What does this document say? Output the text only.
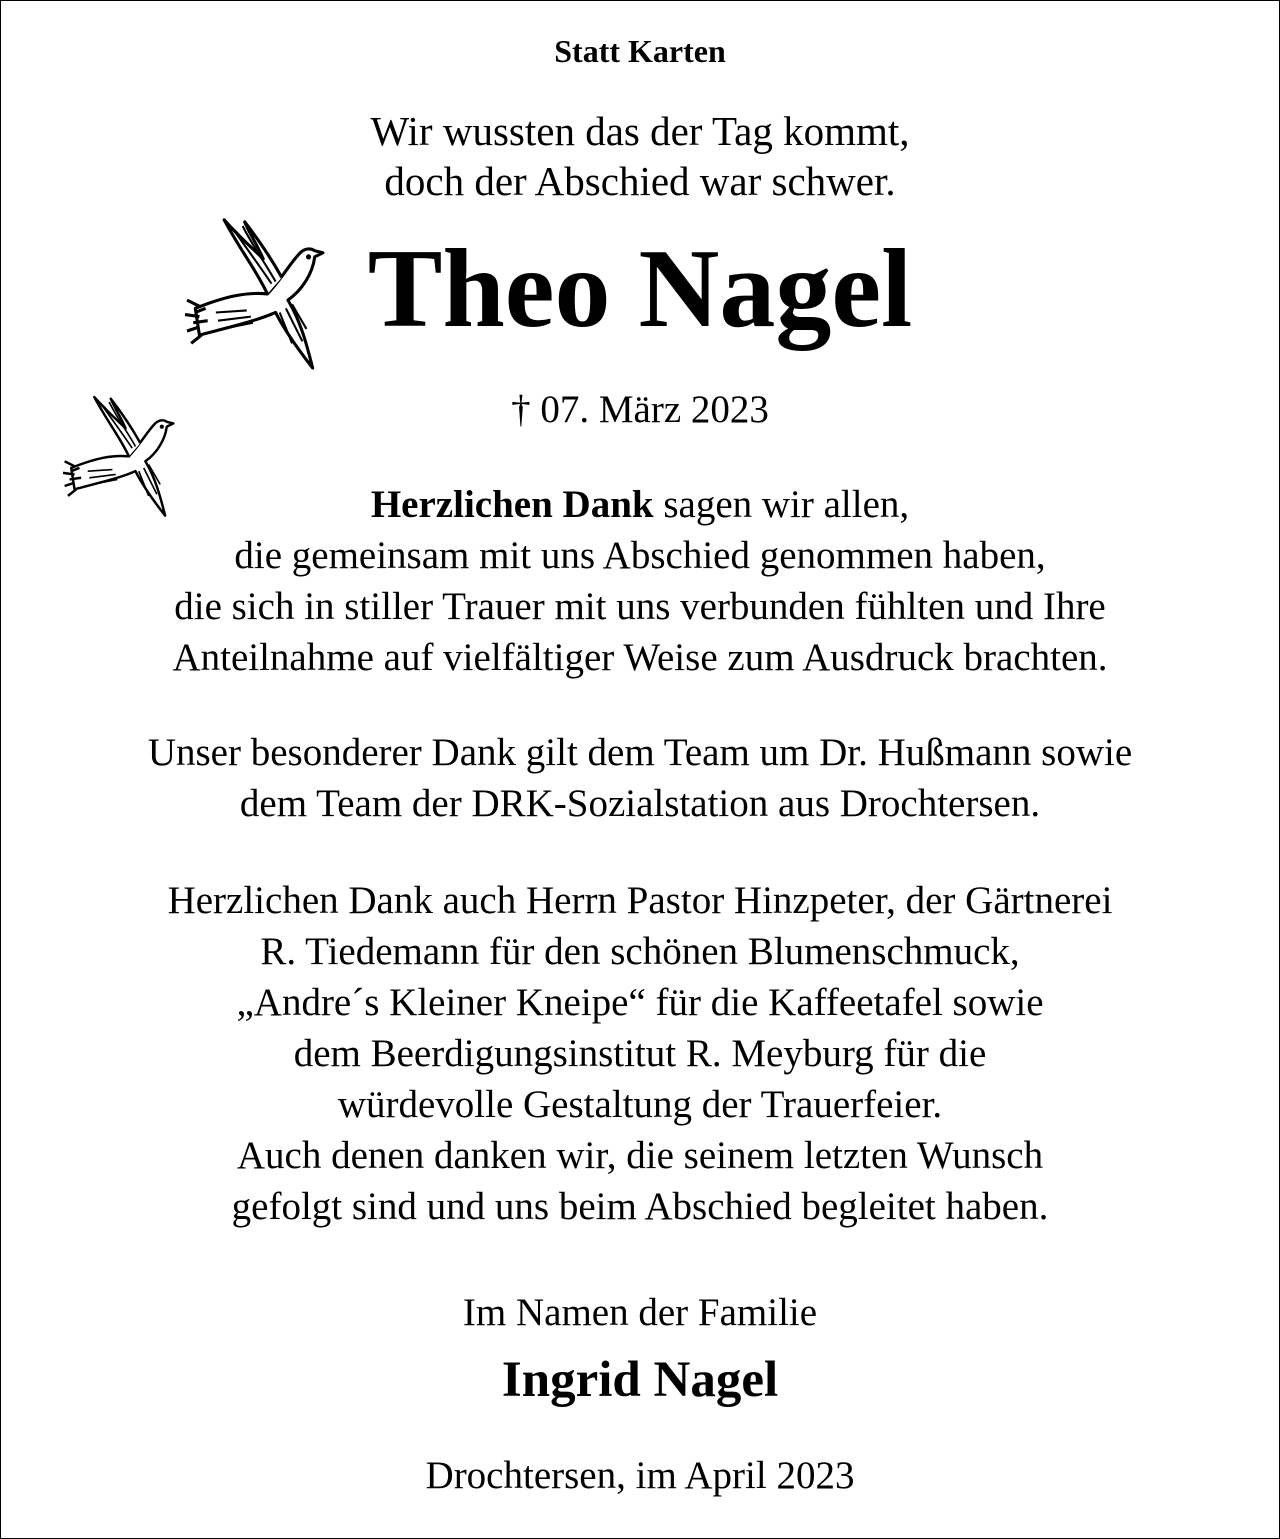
Statt Karten
Wir wussten das der Tag kommt,
doch der Abschied war schwer.
Theo Nagel
† 07. März 2023
Herzlichen Dank sagen wir allen,
die gemeinsam mit uns Abschied genommen haben,
die sich in stiller Trauer mit uns verbunden fühlten und Ihre
Anteilnahme auf vielfältiger Weise zum Ausdruck brachten.
Unser besonderer Dank gilt dem Team um Dr. Hußmann sowie
dem Team der DRK-Sozialstation aus Drochtersen.
Herzlichen Dank auch Herrn Pastor Hinzpeter, der Gärtnerei
R. Tiedemann für den schönen Blumenschmuck,
„Andre´s Kleiner Kneipe“ für die Kaffeetafel sowie
dem Beerdigungsinstitut R. Meyburg für die
würdevolle Gestaltung der Trauerfeier.
Auch denen danken wir, die seinem letzten Wunsch
gefolgt sind und uns beim Abschied begleitet haben.
Im Namen der Familie
Ingrid Nagel
Drochtersen, im April 2023
